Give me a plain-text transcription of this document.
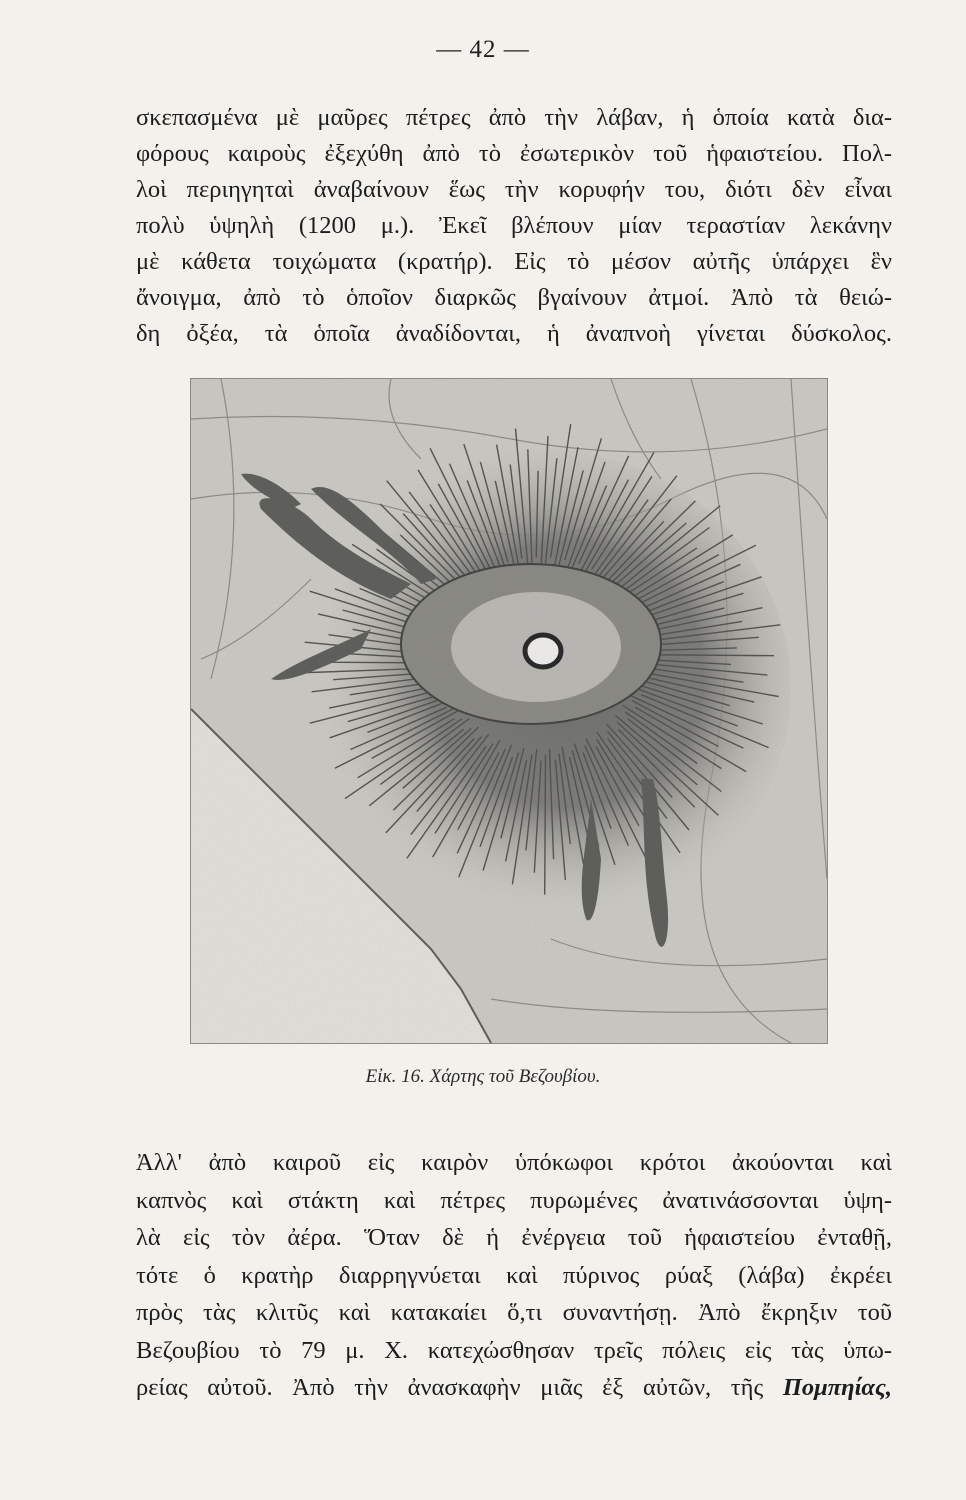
— 42 —
σκεπασμένα μὲ μαῦρες πέτρες ἀπὸ τὴν λάβαν, ἡ ὁποία κατὰ δια-
φόρους καιροὺς ἐξεχύθη ἀπὸ τὸ ἐσωτερικὸν τοῦ ἡφαιστείου. Πολ-
λοὶ περιηγηταὶ ἀναβαίνουν ἕως τὴν κορυφήν του, διότι δὲν εἶναι
πολὺ ὑψηλὴ (1200 μ.). Ἐκεῖ βλέπουν μίαν τεραστίαν λεκάνην
μὲ κάθετα τοιχώματα (κρατήρ). Εἰς τὸ μέσον αὐτῆς ὑπάρχει ἓν
ἄνοιγμα, ἀπὸ τὸ ὁποῖον διαρκῶς βγαίνουν ἀτμοί. Ἀπὸ τὰ θειώ-
δη ὀξέα, τὰ ὁποῖα ἀναδίδονται, ἡ ἀναπνοὴ γίνεται δύσκολος.
Εἰκ. 16. Χάρτης τοῦ Βεζουβίου.
Ἀλλ' ἀπὸ καιροῦ εἰς καιρὸν ὑπόκωφοι κρότοι ἀκούονται καὶ
καπνὸς καὶ στάκτη καὶ πέτρες πυρωμένες ἀνατινάσσονται ὑψη-
λὰ εἰς τὸν ἀέρα. Ὅταν δὲ ἡ ἐνέργεια τοῦ ἡφαιστείου ἐνταθῇ,
τότε ὁ κρατὴρ διαρρηγνύεται καὶ πύρινος ρύαξ (λάβα) ἐκρέει
πρὸς τὰς κλιτῦς καὶ κατακαίει ὅ,τι συναντήσῃ. Ἀπὸ ἔκρηξιν τοῦ
Βεζουβίου τὸ 79 μ. Χ. κατεχώσθησαν τρεῖς πόλεις εἰς τὰς ὑπω-
ρείας αὐτοῦ. Ἀπὸ τὴν ἀνασκαφὴν μιᾶς ἐξ αὐτῶν, τῆς Πομπηίας,
